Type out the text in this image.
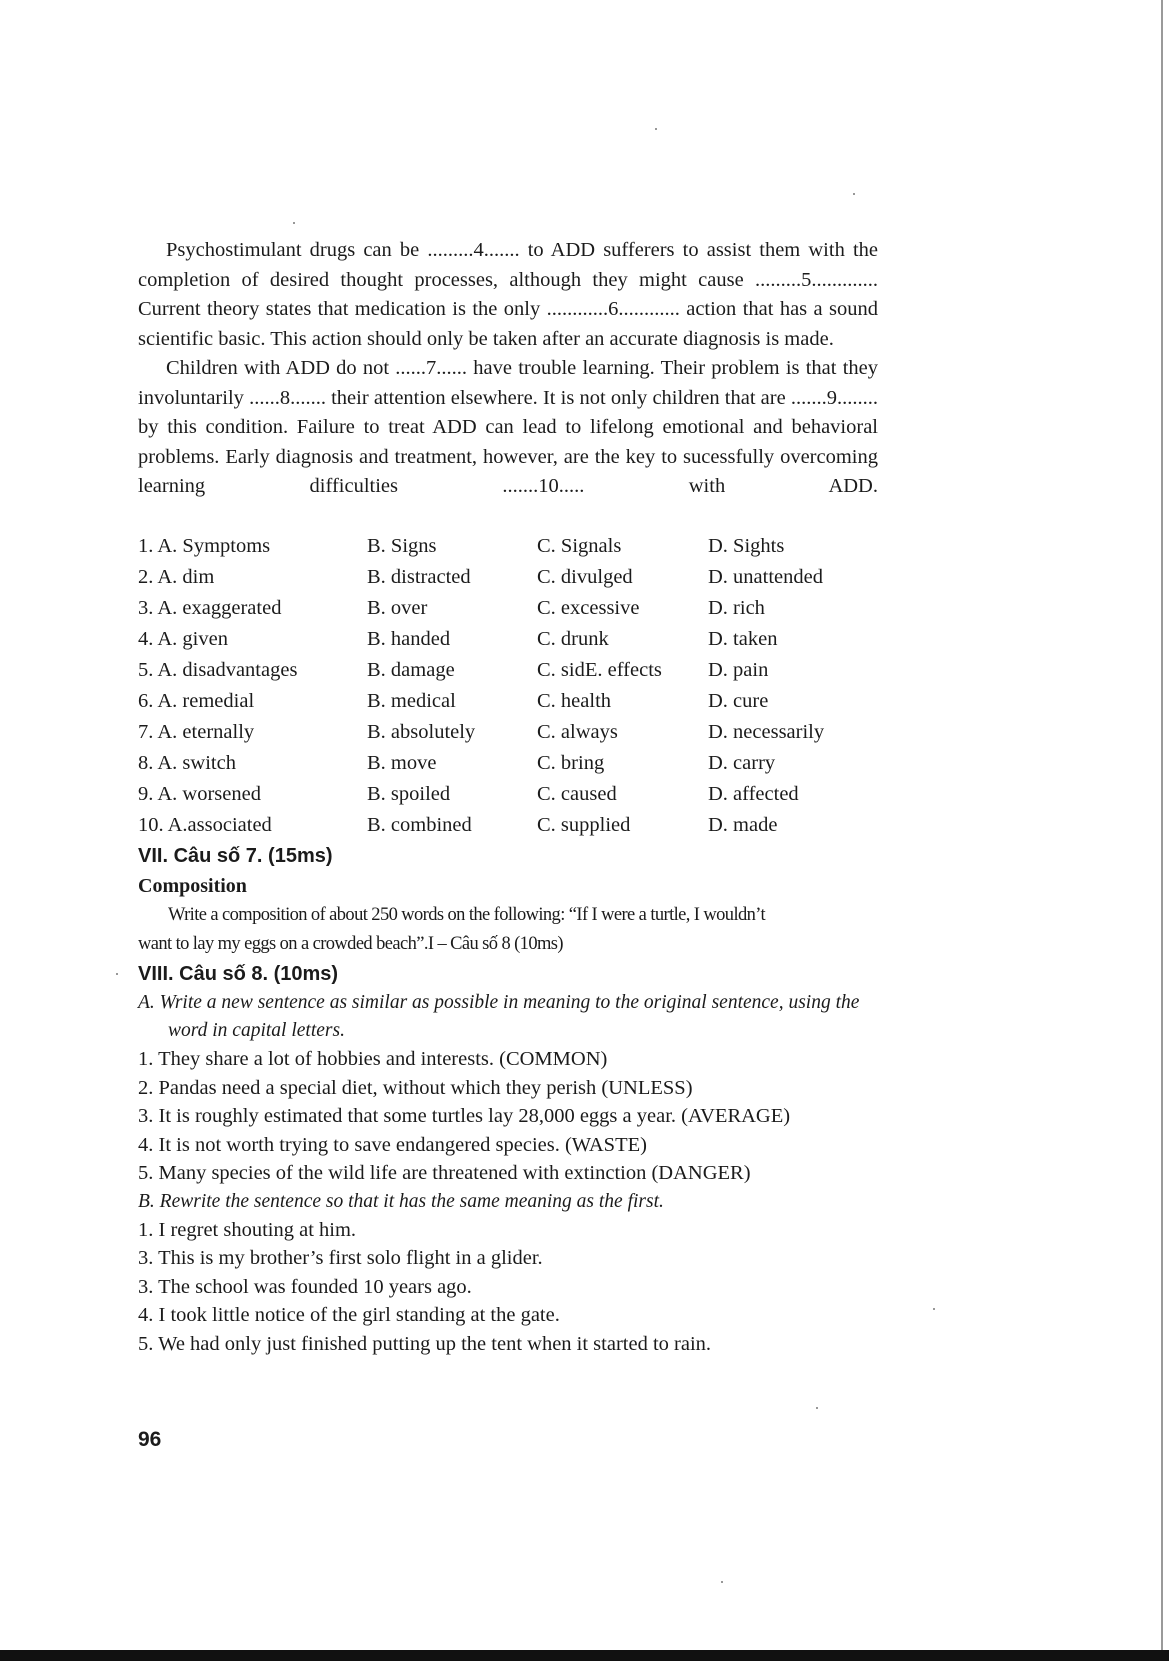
Psychostimulant drugs can be .........4....... to ADD sufferers to assist them with the completion of desired thought processes, although they might cause .........5............. Current theory states that medication is the only ............6............ action that has a sound scientific basic. This action should only be taken after an accurate diagnosis is made.

Children with ADD do not ......7...... have trouble learning. Their problem is that they involuntarily ......8....... their attention elsewhere. It is not only children that are .......9........ by this condition. Failure to treat ADD can lead to lifelong emotional and behavioral problems. Early diagnosis and treatment, however, are the key to sucessfully overcoming learning difficulties .......10..... with ADD.

1. A. Symptoms	B. Signs	C. Signals	D. Sights
2. A. dim	B. distracted	C. divulged	D. unattended
3. A. exaggerated	B. over	C. excessive	D. rich
4. A. given	B. handed	C. drunk	D. taken
5. A. disadvantages	B. damage	C. sidE. effects	D. pain
6. A. remedial	B. medical	C. health	D. cure
7. A. eternally	B. absolutely	C. always	D. necessarily
8. A. switch	B. move	C. bring	D. carry
9. A. worsened	B. spoiled	C. caused	D. affected
10. A.associated	B. combined	C. supplied	D. made

VII. Câu số 7. (15ms)

Composition

Write a composition of about 250 words on the following: “If I were a turtle, I wouldn’t
want to lay my eggs on a crowded beach”.I – Câu số 8 (10ms)

VIII. Câu số 8. (10ms)

A. Write a new sentence as similar as possible in meaning to the original sentence, using the word in capital letters.

1. They share a lot of hobbies and interests. (COMMON)

2. Pandas need a special diet, without which they perish (UNLESS)

3. It is roughly estimated that some turtles lay 28,000 eggs a year. (AVERAGE)

4. It is not worth trying to save endangered species. (WASTE)

5. Many species of the wild life are threatened with extinction (DANGER)

B. Rewrite the sentence so that it has the same meaning as the first.

1. I regret shouting at him.

3. This is my brother’s first solo flight in a glider.

3. The school was founded 10 years ago.

4. I took little notice of the girl standing at the gate.

5. We had only just finished putting up the tent when it started to rain.

96
